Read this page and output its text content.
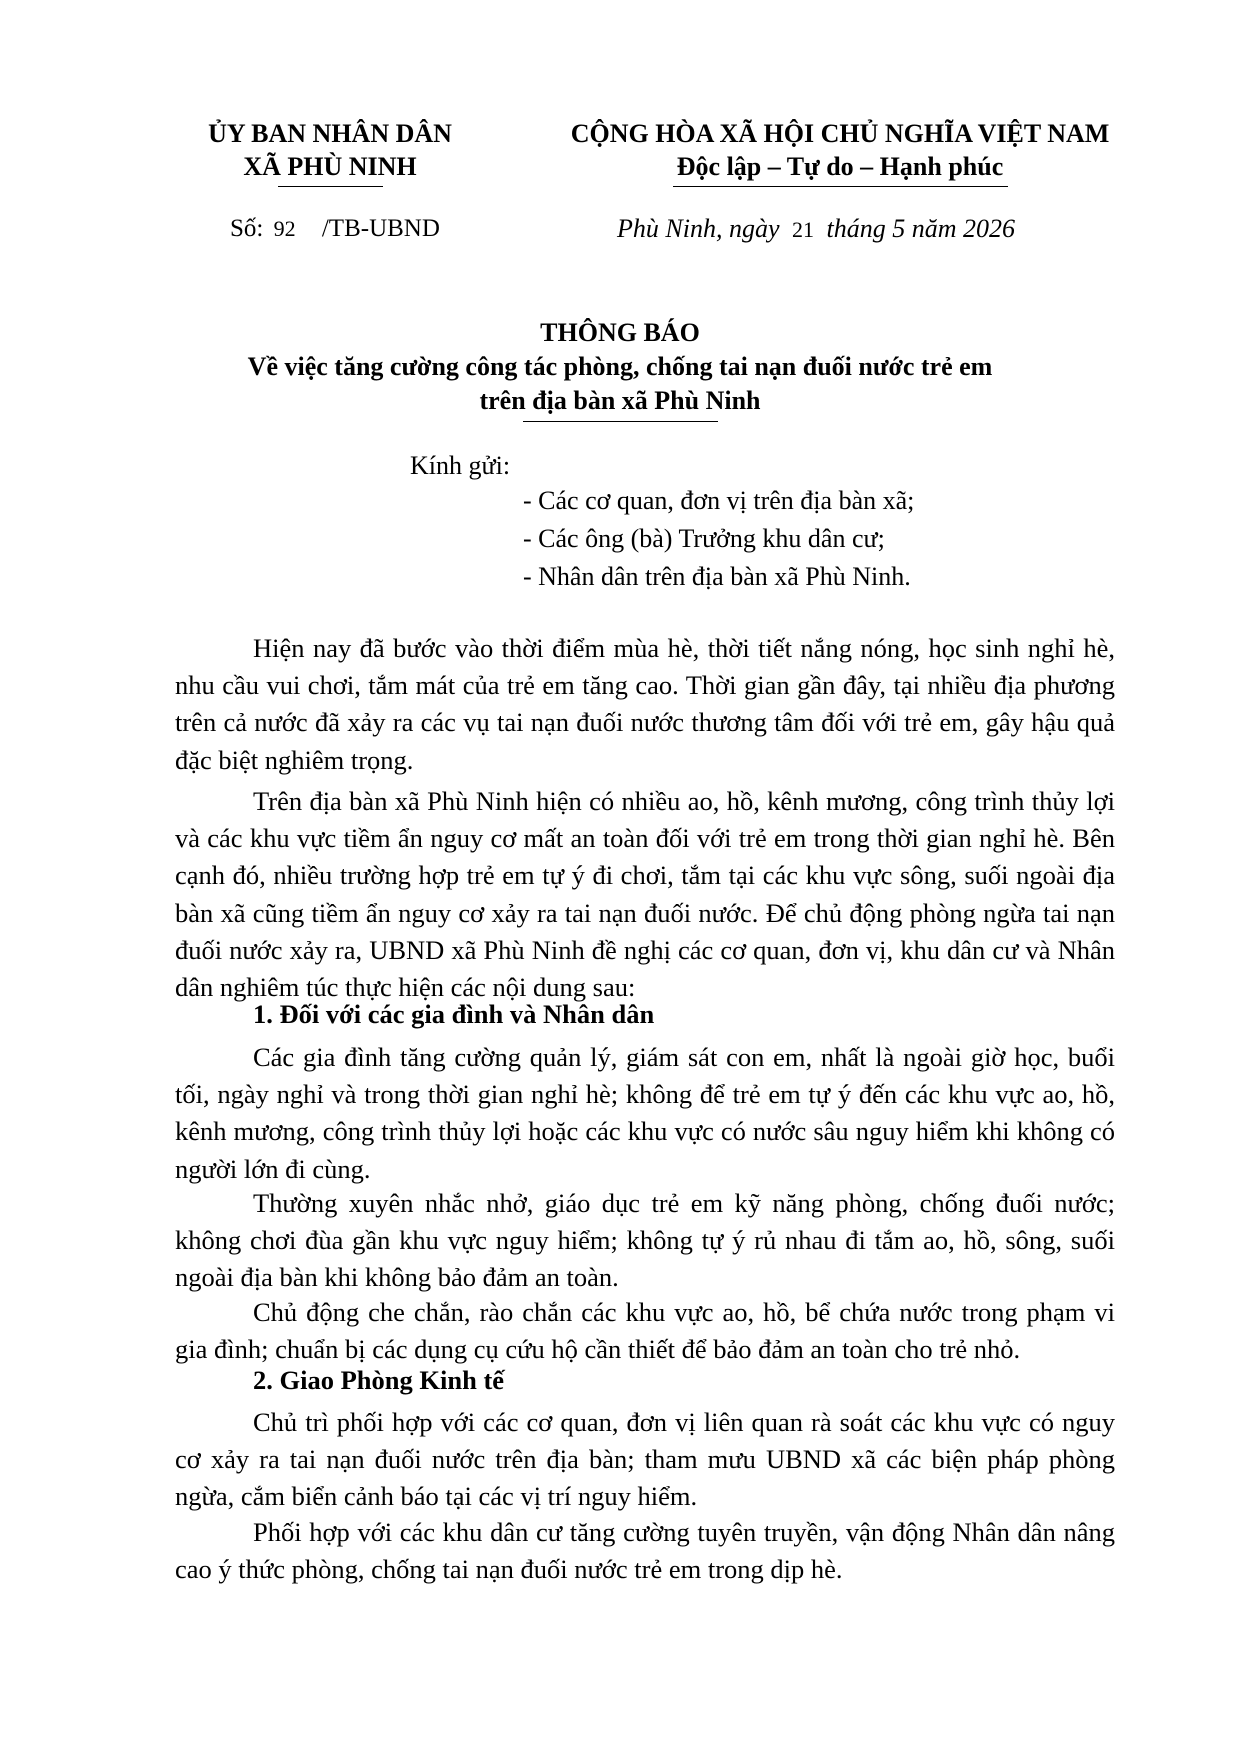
ỦY BAN NHÂN DÂN
XÃ PHÙ NINH
CỘNG HÒA XÃ HỘI CHỦ NGHĨA VIỆT NAM
Độc lập – Tự do – Hạnh phúc
Số: 92 /TB-UBND	Phù Ninh, ngày 21 tháng 5 năm 2026
THÔNG BÁO
Về việc tăng cường công tác phòng, chống tai nạn đuối nước trẻ em
trên địa bàn xã Phù Ninh
Kính gửi:
- Các cơ quan, đơn vị trên địa bàn xã;
- Các ông (bà) Trưởng khu dân cư;
- Nhân dân trên địa bàn xã Phù Ninh.
Hiện nay đã bước vào thời điểm mùa hè, thời tiết nắng nóng, học sinh nghỉ hè, nhu cầu vui chơi, tắm mát của trẻ em tăng cao. Thời gian gần đây, tại nhiều địa phương trên cả nước đã xảy ra các vụ tai nạn đuối nước thương tâm đối với trẻ em, gây hậu quả đặc biệt nghiêm trọng.
Trên địa bàn xã Phù Ninh hiện có nhiều ao, hồ, kênh mương, công trình thủy lợi và các khu vực tiềm ẩn nguy cơ mất an toàn đối với trẻ em trong thời gian nghỉ hè. Bên cạnh đó, nhiều trường hợp trẻ em tự ý đi chơi, tắm tại các khu vực sông, suối ngoài địa bàn xã cũng tiềm ẩn nguy cơ xảy ra tai nạn đuối nước. Để chủ động phòng ngừa tai nạn đuối nước xảy ra, UBND xã Phù Ninh đề nghị các cơ quan, đơn vị, khu dân cư và Nhân dân nghiêm túc thực hiện các nội dung sau:
1. Đối với các gia đình và Nhân dân
Các gia đình tăng cường quản lý, giám sát con em, nhất là ngoài giờ học, buổi tối, ngày nghỉ và trong thời gian nghỉ hè; không để trẻ em tự ý đến các khu vực ao, hồ, kênh mương, công trình thủy lợi hoặc các khu vực có nước sâu nguy hiểm khi không có người lớn đi cùng.
Thường xuyên nhắc nhở, giáo dục trẻ em kỹ năng phòng, chống đuối nước; không chơi đùa gần khu vực nguy hiểm; không tự ý rủ nhau đi tắm ao, hồ, sông, suối ngoài địa bàn khi không bảo đảm an toàn.
Chủ động che chắn, rào chắn các khu vực ao, hồ, bể chứa nước trong phạm vi gia đình; chuẩn bị các dụng cụ cứu hộ cần thiết để bảo đảm an toàn cho trẻ nhỏ.
2. Giao Phòng Kinh tế
Chủ trì phối hợp với các cơ quan, đơn vị liên quan rà soát các khu vực có nguy cơ xảy ra tai nạn đuối nước trên địa bàn; tham mưu UBND xã các biện pháp phòng ngừa, cắm biển cảnh báo tại các vị trí nguy hiểm.
Phối hợp với các khu dân cư tăng cường tuyên truyền, vận động Nhân dân nâng cao ý thức phòng, chống tai nạn đuối nước trẻ em trong dịp hè.
